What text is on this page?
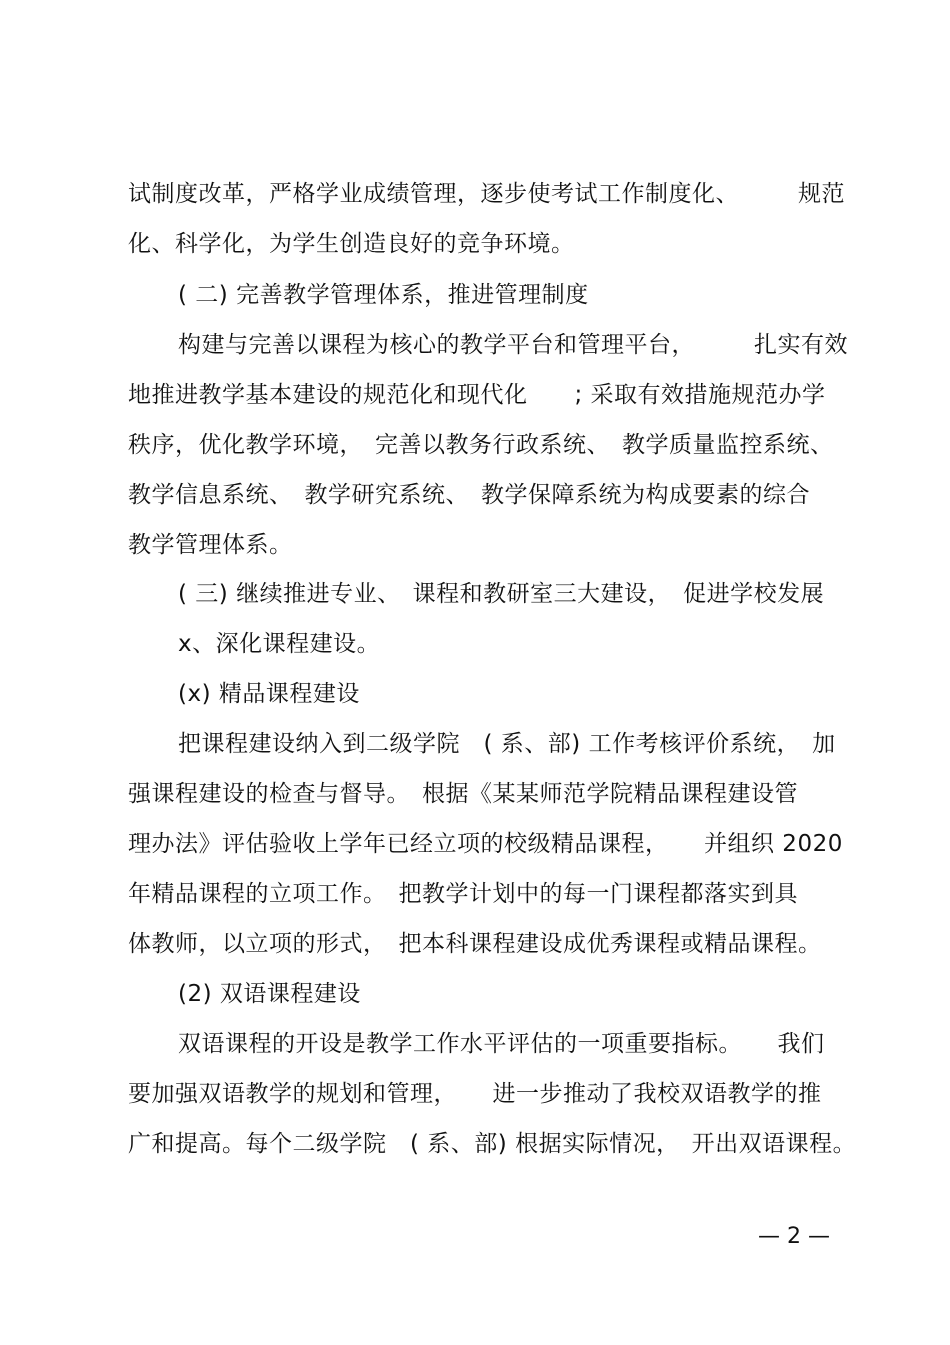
试制度改革，严格学业成绩管理，逐步使考试工作制度化、　　　规范
化、科学化，为学生创造良好的竞争环境。
( 二) 完善教学管理体系，推进管理制度
构建与完善以课程为核心的教学平台和管理平台，　　　扎实有效
地推进教学基本建设的规范化和现代化　　; 采取有效措施规范办学
秩序，优化教学环境，　完善以教务行政系统、　教学质量监控系统、
教学信息系统、　教学研究系统、　教学保障系统为构成要素的综合
教学管理体系。
( 三) 继续推进专业、　课程和教研室三大建设，　促进学校发展
x、深化课程建设。
(x) 精品课程建设
把课程建设纳入到二级学院　( 系、部) 工作考核评价系统，　加
强课程建设的检查与督导。　根据《某某师范学院精品课程建设管
理办法》评估验收上学年已经立项的校级精品课程，　　并组织 2020
年精品课程的立项工作。　把教学计划中的每一门课程都落实到具
体教师，以立项的形式，　把本科课程建设成优秀课程或精品课程。
(2) 双语课程建设
双语课程的开设是教学工作水平评估的一项重要指标。　　我们
要加强双语教学的规划和管理，　　进一步推动了我校双语教学的推
广和提高。每个二级学院　( 系、部) 根据实际情况，　开出双语课程。
— 2 —
